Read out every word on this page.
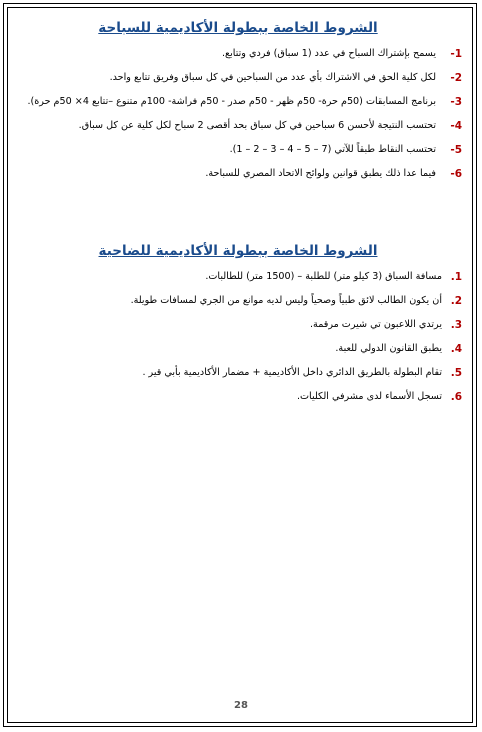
الشروط الخاصة ببطولة الأكاديمية للسباحة
1-
يسمح بإشتراك السباح في عدد (1 سباق) فردي وتتابع.
2-
لكل كلية الحق في الاشتراك بأي عدد من السباحين في كل سباق وفريق تتابع واحد.
3-
برنامج المسابقات (50م حرة- 50م ظهر - 50م صدر - 50م فراشة- 100م متنوع –تتابع 4× 50م حرة).
4-
تحتسب النتيجة لأحسن 6 سباحين في كل سباق بحد أقصى 2 سباح لكل كلية عن كل سباق.
5-
تحتسب النقاط طبقاً للآتي (7 – 5 – 4 – 3 – 2 – 1).
6-
فيما عدا ذلك يطبق قوانين ولوائح الاتحاد المصري للسباحة.
الشروط الخاصة ببطولة الأكاديمية للضاحية
1.
مسافة السباق (3 كيلو متر) للطلبة – (1500 متر) للطالبات.
2.
أن يكون الطالب لائق طبياً وصحياً وليس لديه موانع من الجري لمسافات طويلة.
3.
يرتدي اللاعبون تي شيرت مرقمة.
4.
يطبق القانون الدولي للعبة.
5.
تقام البطولة بالطريق الدائري داخل الأكاديمية + مضمار الأكاديمية بأبي قير .
6.
تسجل الأسماء لدى مشرفي الكليات.
28
